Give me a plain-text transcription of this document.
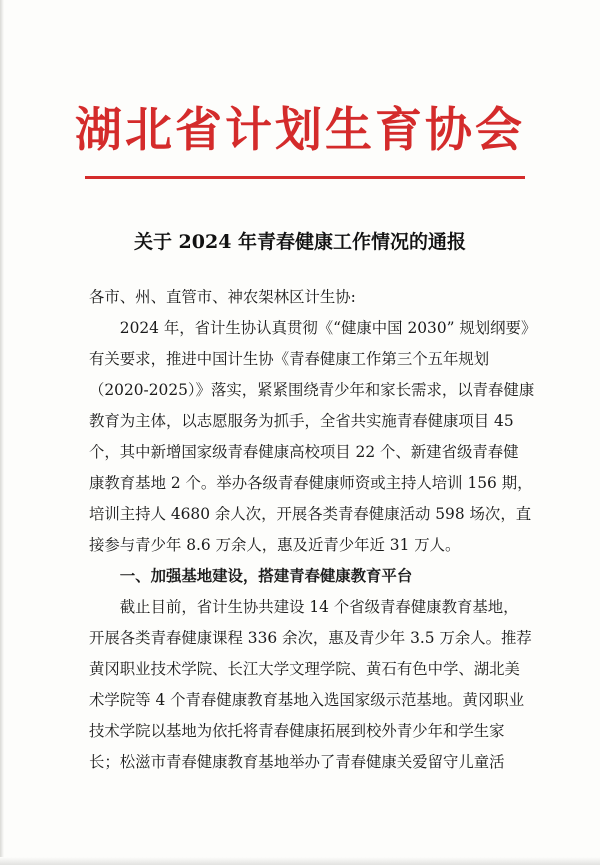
湖北省计划生育协会
关于 2024 年青春健康工作情况的通报
各市、州、直管市、神农架林区计生协:
　　2024 年，省计生协认真贯彻《“健康中国 2030” 规划纲要》
有关要求，推进中国计生协《青春健康工作第三个五年规划
（2020-2025）》落实，紧紧围绕青少年和家长需求，以青春健康
教育为主体，以志愿服务为抓手，全省共实施青春健康项目 45
个，其中新增国家级青春健康高校项目 22 个、新建省级青春健
康教育基地 2 个。举办各级青春健康师资或主持人培训 156 期，
培训主持人 4680 余人次，开展各类青春健康活动 598 场次，直
接参与青少年 8.6 万余人，惠及近青少年近 31 万人。
　　一、加强基地建设，搭建青春健康教育平台
　　截止目前，省计生协共建设 14 个省级青春健康教育基地，
开展各类青春健康课程 336 余次，惠及青少年 3.5 万余人。推荐
黄冈职业技术学院、长江大学文理学院、黄石有色中学、湖北美
术学院等 4 个青春健康教育基地入选国家级示范基地。黄冈职业
技术学院以基地为依托将青春健康拓展到校外青少年和学生家
长；松滋市青春健康教育基地举办了青春健康关爱留守儿童活
